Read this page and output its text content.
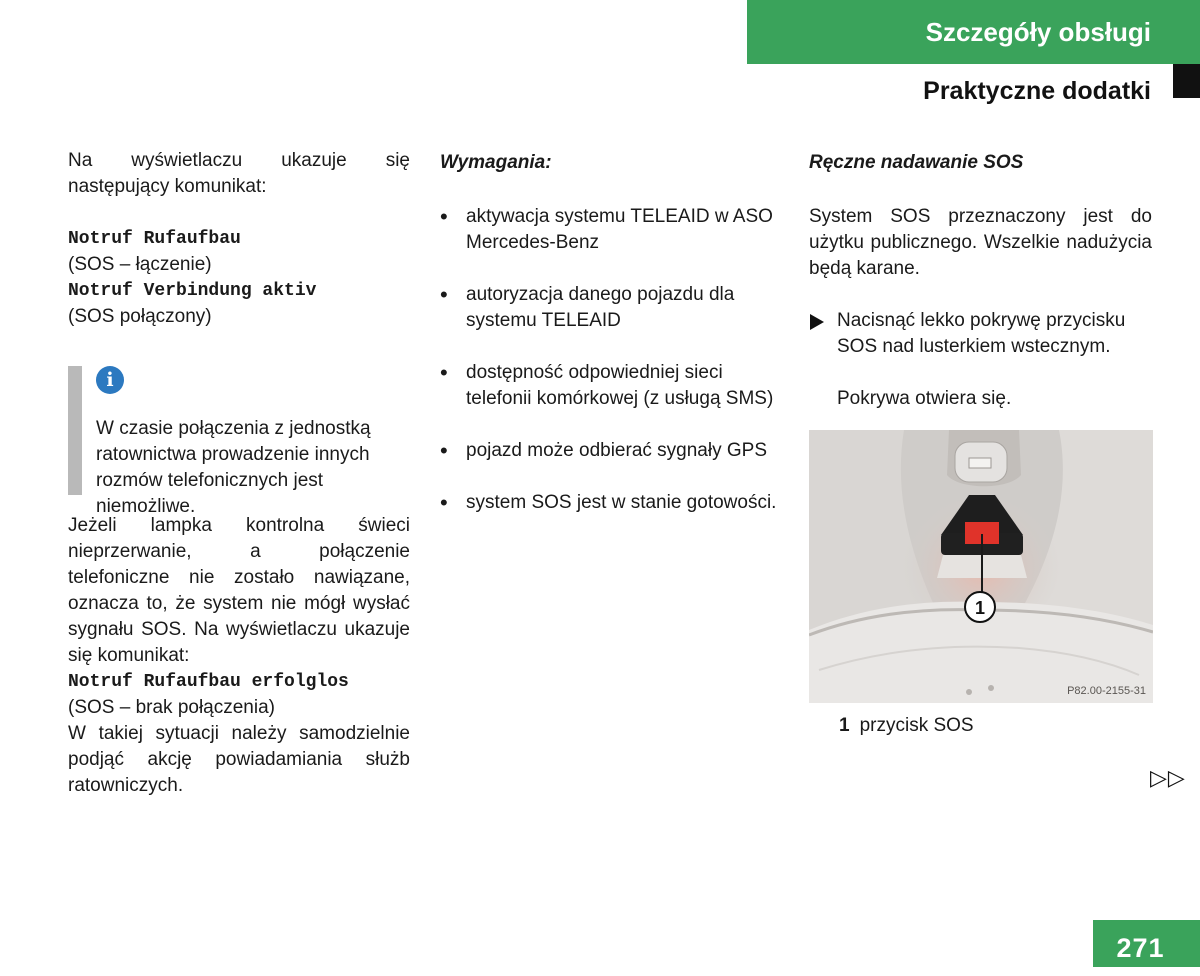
Szczegóły obsługi
Praktyczne dodatki

Na wyświetlaczu ukazuje się następujący komunikat:

Notruf Rufaufbau

(SOS – łączenie)

Notruf Verbindung aktiv

(SOS połączony)

i

W czasie połączenia z jednostką ratownictwa prowadzenie innych rozmów telefonicznych jest niemożliwe.

Jeżeli lampka kontrolna świeci nieprzerwanie, a połączenie telefoniczne nie zostało nawiązane, oznacza to, że system nie mógł wysłać sygnału SOS. Na wyświetlaczu ukazuje się komunikat:

Notruf Rufaufbau erfolglos

(SOS – brak połączenia)

W takiej sytuacji należy samodzielnie podjąć akcję powiadamiania służb ratowniczych.

Wymagania:

• aktywacja systemu TELEAID w ASO Mercedes-Benz
• autoryzacja danego pojazdu dla systemu TELEAID
• dostępność odpowiedniej sieci telefonii komórkowej (z usługą SMS)
• pojazd może odbierać sygnały GPS
• system SOS jest w stanie gotowości.

Ręczne nadawanie SOS

System SOS przeznaczony jest do użytku publicznego. Wszelkie nadużycia będą karane.

Nacisnąć lekko pokrywę przycisku SOS nad lusterkiem wstecznym.

Pokrywa otwiera się.

1
P82.00-2155-31

1 przycisk SOS

▷▷
271
